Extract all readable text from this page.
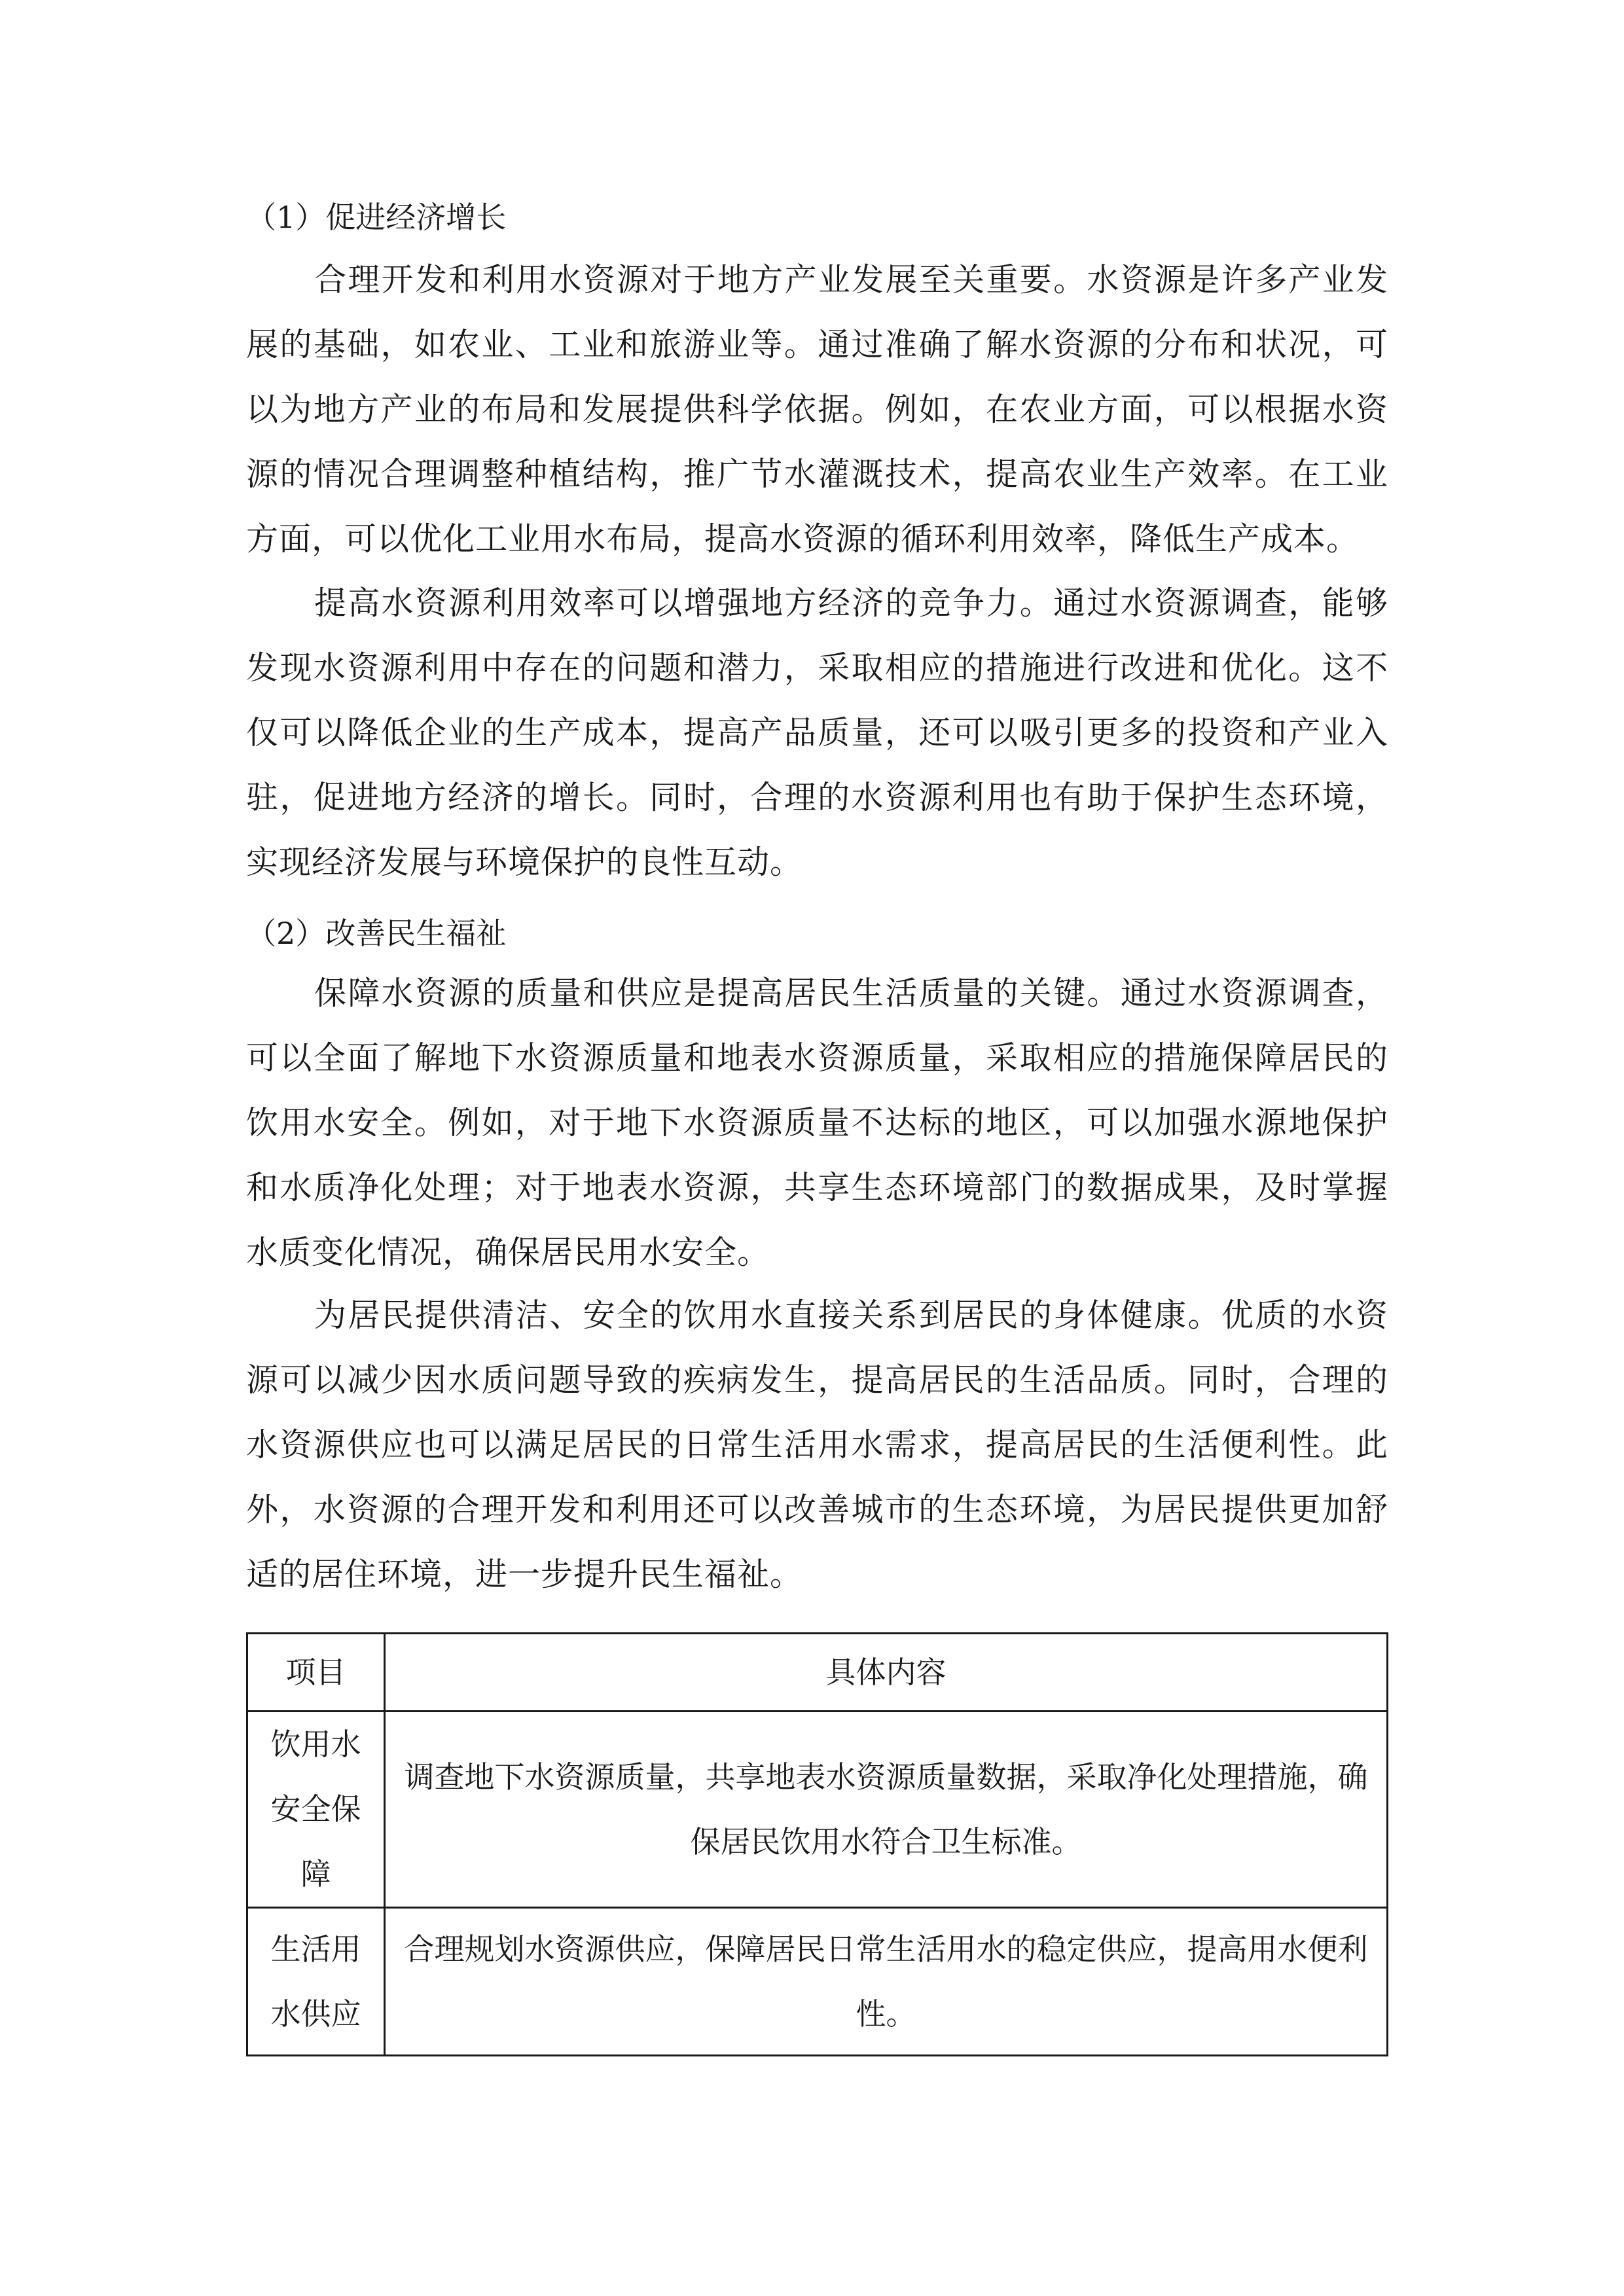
（1）促进经济增长

合理开发和利用水资源对于地方产业发展至关重要。水资源是许多产业发展的基础，如农业、工业和旅游业等。通过准确了解水资源的分布和状况，可以为地方产业的布局和发展提供科学依据。例如，在农业方面，可以根据水资源的情况合理调整种植结构，推广节水灌溉技术，提高农业生产效率。在工业方面，可以优化工业用水布局，提高水资源的循环利用效率，降低生产成本。

提高水资源利用效率可以增强地方经济的竞争力。通过水资源调查，能够发现水资源利用中存在的问题和潜力，采取相应的措施进行改进和优化。这不仅可以降低企业的生产成本，提高产品质量，还可以吸引更多的投资和产业入驻，促进地方经济的增长。同时，合理的水资源利用也有助于保护生态环境，实现经济发展与环境保护的良性互动。

（2）改善民生福祉

保障水资源的质量和供应是提高居民生活质量的关键。通过水资源调查，可以全面了解地下水资源质量和地表水资源质量，采取相应的措施保障居民的饮用水安全。例如，对于地下水资源质量不达标的地区，可以加强水源地保护和水质净化处理；对于地表水资源，共享生态环境部门的数据成果，及时掌握水质变化情况，确保居民用水安全。

为居民提供清洁、安全的饮用水直接关系到居民的身体健康。优质的水资源可以减少因水质问题导致的疾病发生，提高居民的生活品质。同时，合理的水资源供应也可以满足居民的日常生活用水需求，提高居民的生活便利性。此外，水资源的合理开发和利用还可以改善城市的生态环境，为居民提供更加舒适的居住环境，进一步提升民生福祉。

项目	具体内容
饮用水安全保障	调查地下水资源质量，共享地表水资源质量数据，采取净化处理措施，确保居民饮用水符合卫生标准。
生活用水供应	合理规划水资源供应，保障居民日常生活用水的稳定供应，提高用水便利性。
